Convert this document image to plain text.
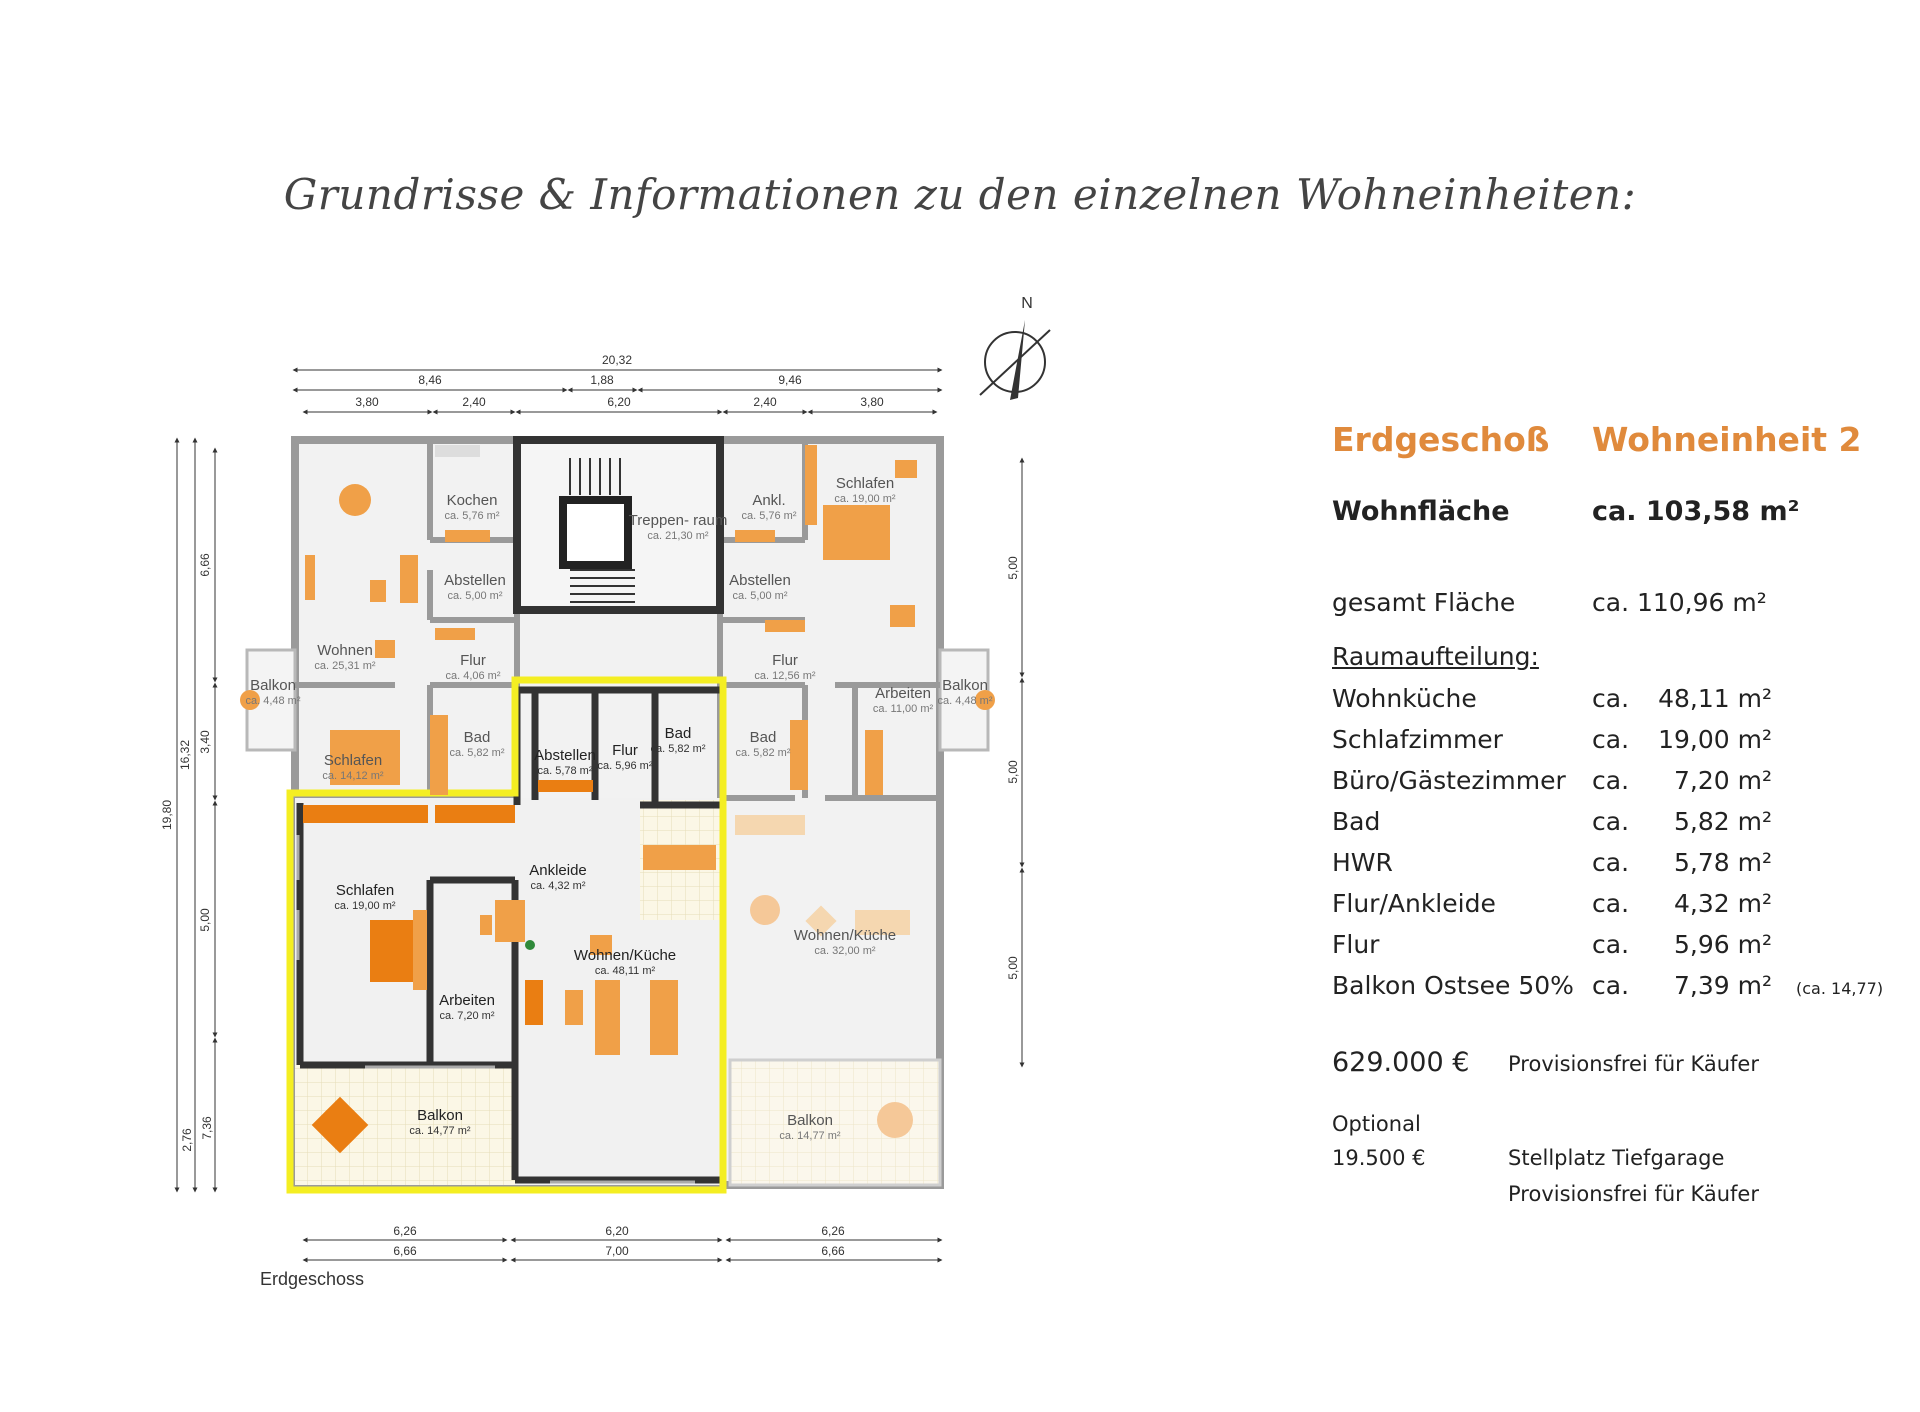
Grundrisse & Informationen zu den einzelnen Wohneinheiten:
20,32
8,46	1,88	9,46
3,80	2,40	6,20	2,40	3,80
19,80
16,32
6,66
3,40
5,00
2,76
7,36
5,00
5,00
5,00
6,26
6,66
6,20
7,00
6,26
6,66
N
Wohnen
ca. 25,31 m²
Kochen
ca. 5,76 m²
Abstellen
ca. 5,00 m²
Flur
ca. 4,06 m²
Balkon
ca. 4,48 m²
Schlafen
ca. 14,12 m²
Bad
ca. 5,82 m²
Treppen- raum
ca. 21,30 m²
Ankl.
ca. 5,76 m²
Schlafen
ca. 19,00 m²
Abstellen
ca. 5,00 m²
Flur
ca. 12,56 m²
Arbeiten
ca. 11,00 m²
Balkon
ca. 4,48 m²
Bad
ca. 5,82 m²
Wohnen/Küche
ca. 32,00 m²
Balkon
ca. 14,77 m²
Abstellen
ca. 5,78 m²
Flur
ca. 5,96 m²
Bad
ca. 5,82 m²
Ankleide
ca. 4,32 m²
Schlafen
ca. 19,00 m²
Arbeiten
ca. 7,20 m²
Wohnen/Küche
ca. 48,11 m²
Balkon
ca. 14,77 m²
Erdgeschoss
Erdgeschoß Wohneinheit 2
Wohnfläche	ca. 103,58 m²
gesamt Fläche	ca. 110,96 m²
Raumaufteilung:
Wohnküche	ca. 48,11 m²
Schlafzimmer	ca. 19,00 m²
Büro/Gästezimmer ca. 7,20 m²
Bad	ca. 5,82 m²
HWR	ca. 5,78 m²
Flur/Ankleide	ca. 4,32 m²
Flur	ca. 5,96 m²
Balkon Ostsee 50% ca. 7,39 m² (ca. 14,77)
629.000 € Provisionsfrei für Käufer
Optional
19.500 €	Stellplatz Tiefgarage
Provisionsfrei für Käufer
